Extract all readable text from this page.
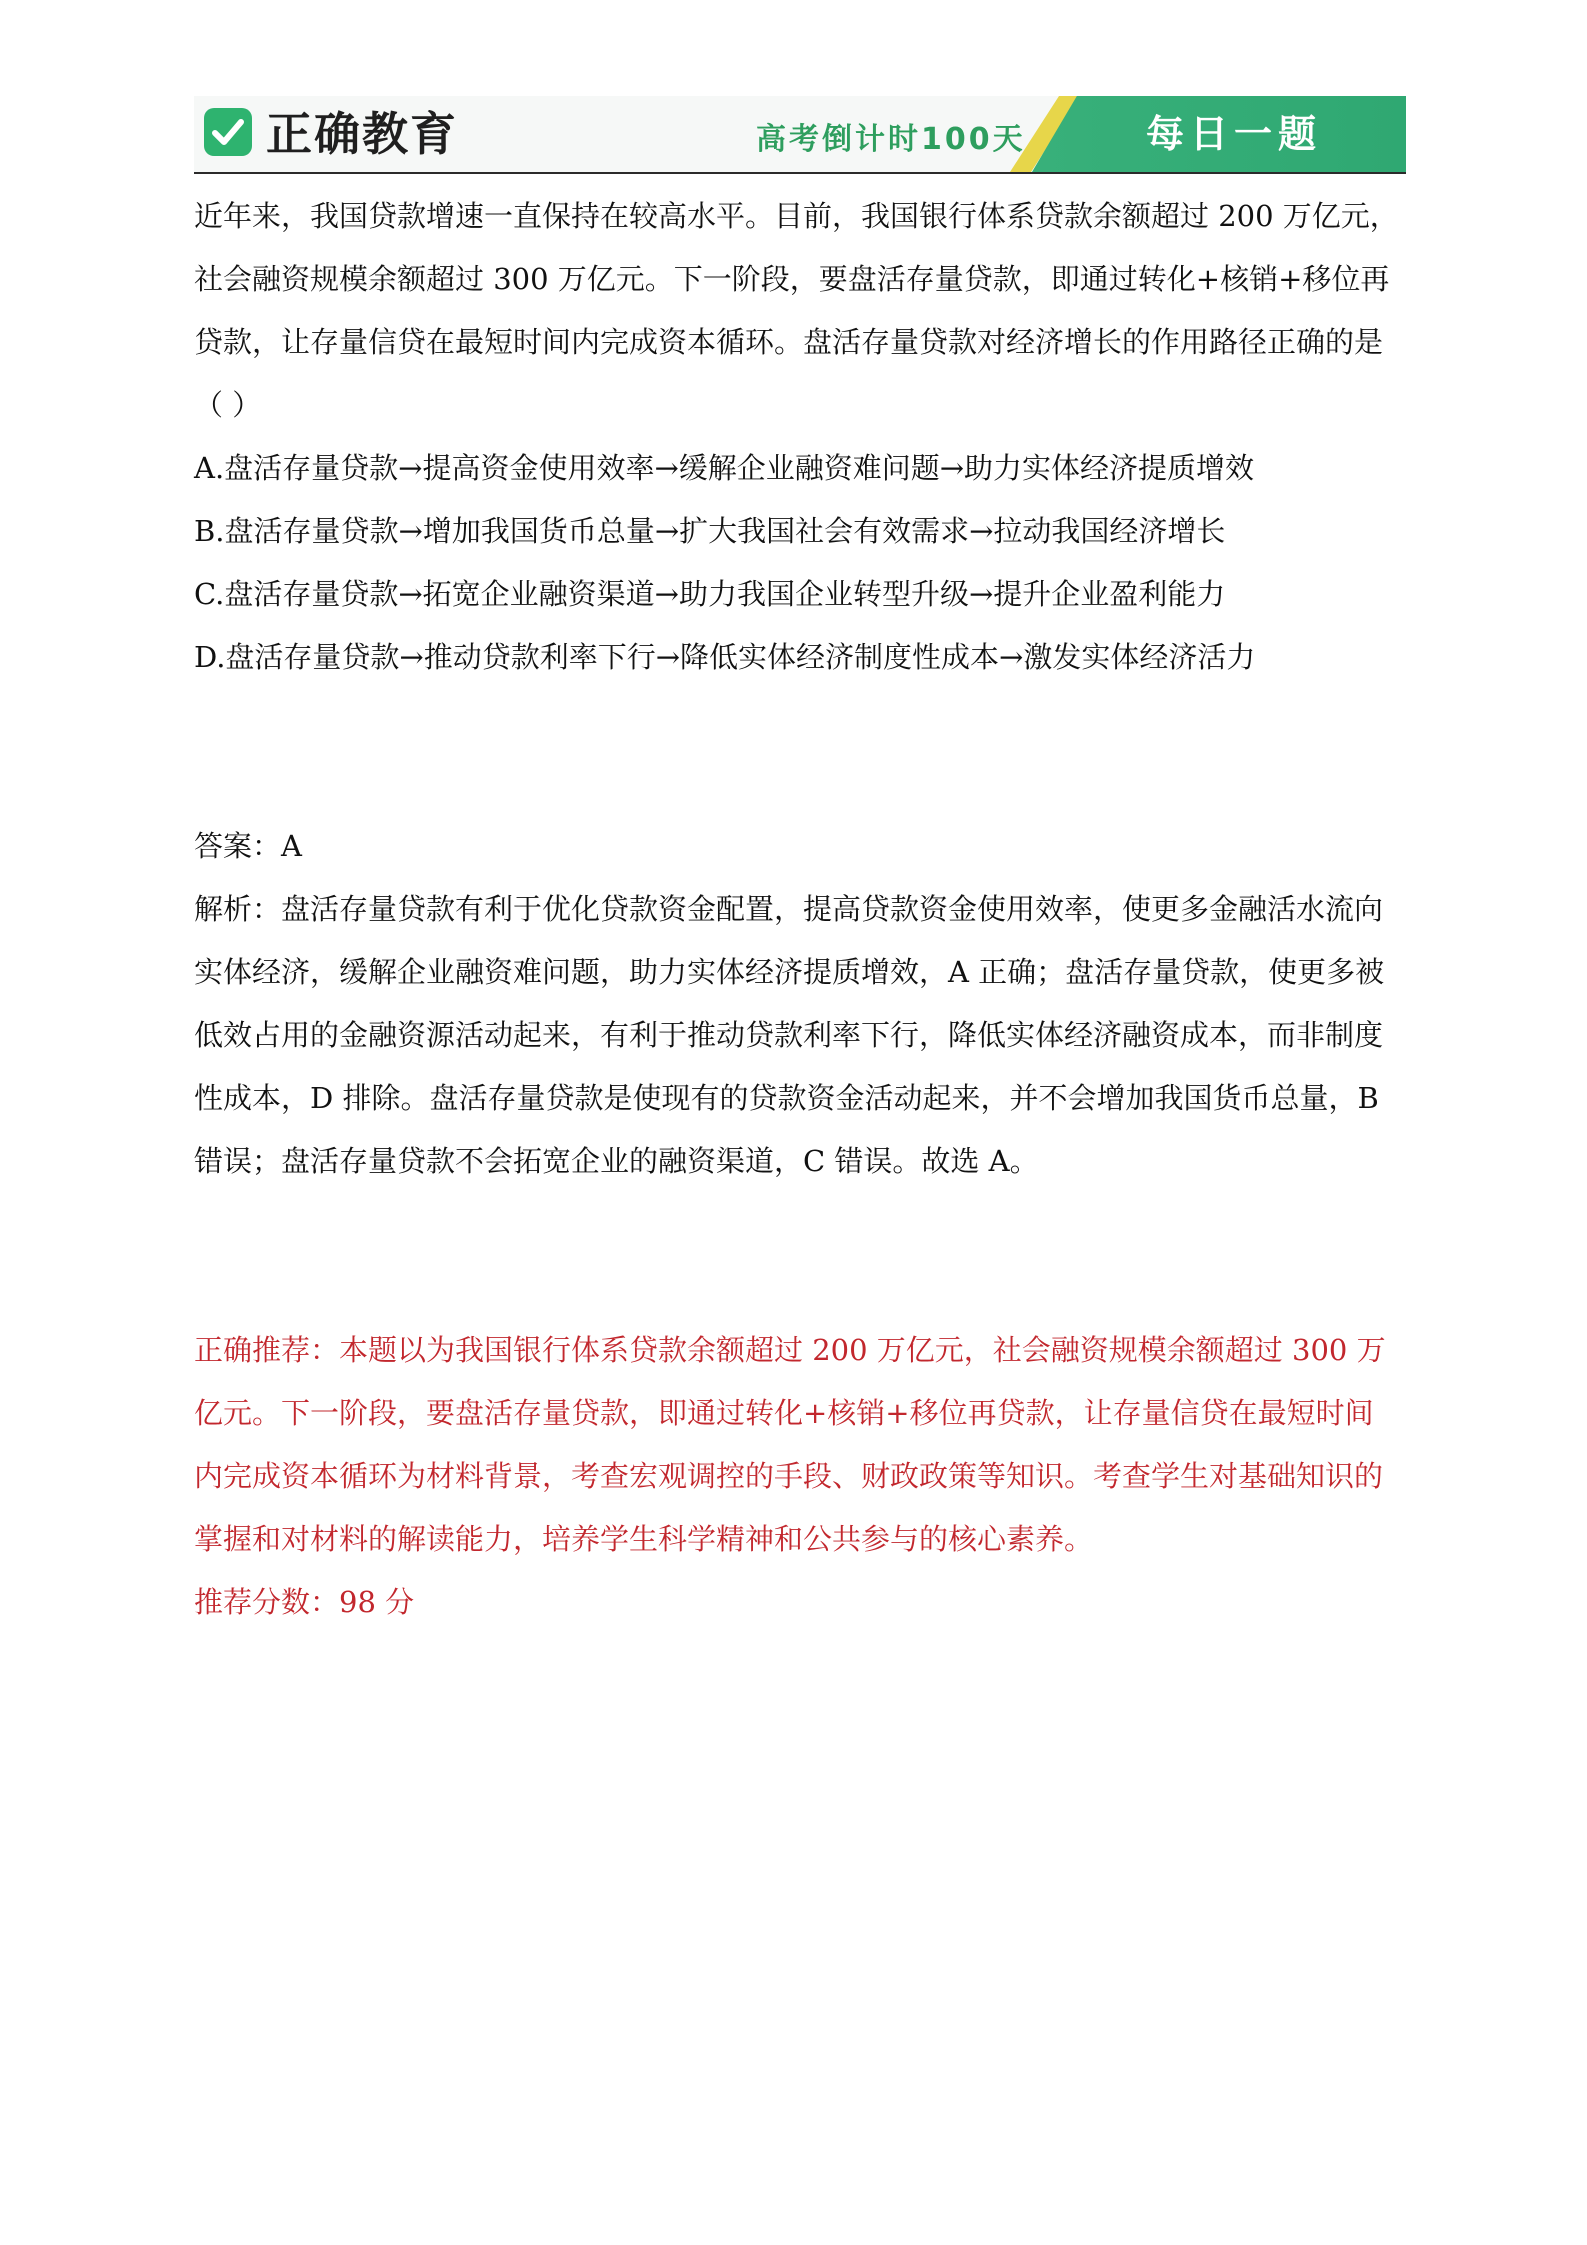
正确教育	高考倒计时100天	每日一题

近年来，我国贷款增速一直保持在较高水平。目前，我国银行体系贷款余额超过 200 万亿元，社会融资规模余额超过 300 万亿元。下一阶段，要盘活存量贷款，即通过转化+核销+移位再贷款，让存量信贷在最短时间内完成资本循环。盘活存量贷款对经济增长的作用路径正确的是（ ）

A.盘活存量贷款→提高资金使用效率→缓解企业融资难问题→助力实体经济提质增效

B.盘活存量贷款→增加我国货币总量→扩大我国社会有效需求→拉动我国经济增长

C.盘活存量贷款→拓宽企业融资渠道→助力我国企业转型升级→提升企业盈利能力

D.盘活存量贷款→推动贷款利率下行→降低实体经济制度性成本→激发实体经济活力

答案：A

解析：盘活存量贷款有利于优化贷款资金配置，提高贷款资金使用效率，使更多金融活水流向实体经济，缓解企业融资难问题，助力实体经济提质增效，A 正确；盘活存量贷款，使更多被低效占用的金融资源活动起来，有利于推动贷款利率下行，降低实体经济融资成本，而非制度性成本，D 排除。盘活存量贷款是使现有的贷款资金活动起来，并不会增加我国货币总量，B 错误；盘活存量贷款不会拓宽企业的融资渠道，C 错误。故选 A。

正确推荐：本题以为我国银行体系贷款余额超过 200 万亿元，社会融资规模余额超过 300 万亿元。下一阶段，要盘活存量贷款，即通过转化+核销+移位再贷款，让存量信贷在最短时间内完成资本循环为材料背景，考查宏观调控的手段、财政政策等知识。考查学生对基础知识的掌握和对材料的解读能力，培养学生科学精神和公共参与的核心素养。

推荐分数：98 分
